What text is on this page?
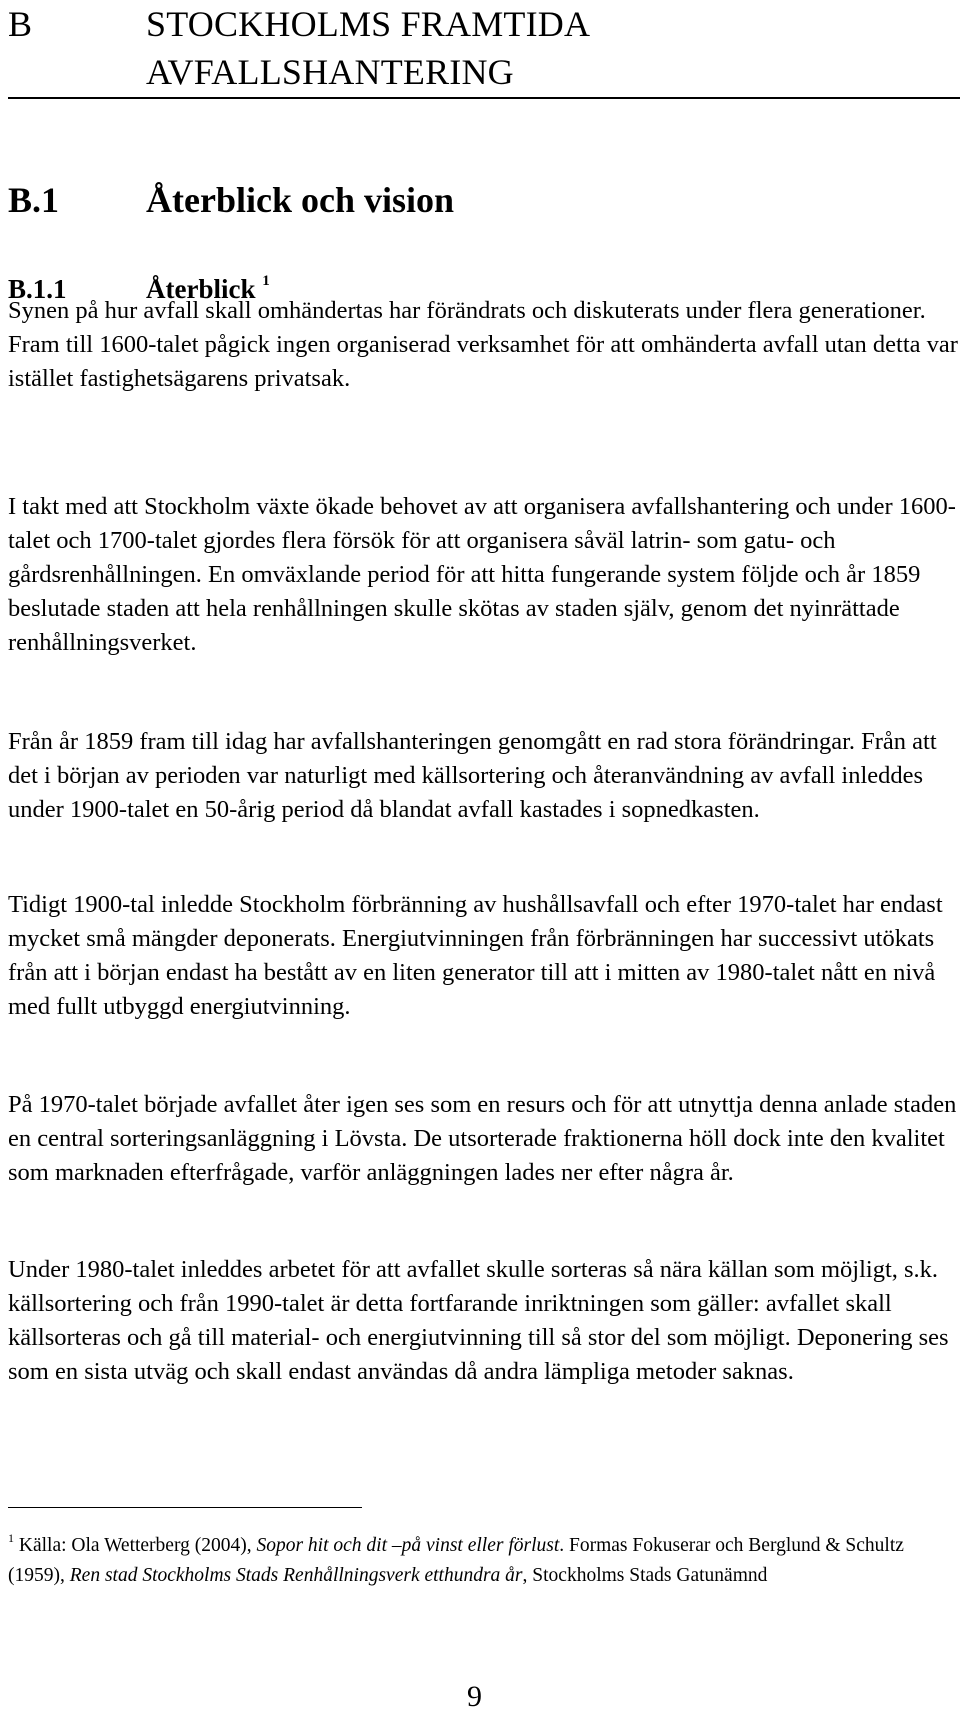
B	STOCKHOLMS FRAMTIDA
AVFALLSHANTERING
B.1 Återblick och vision
B.1.1	Återblick $^1$

Synen på hur avfall skall omhändertas har förändrats och diskuterats under flera generationer. Fram till 1600-talet pågick ingen organiserad verksamhet för att omhänderta avfall utan detta var istället fastighetsägarens privatsak.

I takt med att Stockholm växte ökade behovet av att organisera avfallshantering och under 1600-talet och 1700-talet gjordes flera försök för att organisera såväl latrin- som gatu- och gårdsrenhållningen. En omväxlande period för att hitta fungerande system följde och år 1859 beslutade staden att hela renhållningen skulle skötas av staden själv, genom det nyinrättade renhållningsverket.

Från år 1859 fram till idag har avfallshanteringen genomgått en rad stora förändringar. Från att det i början av perioden var naturligt med källsortering och återanvändning av avfall inleddes under 1900-talet en 50-årig period då blandat avfall kastades i sopnedkasten.

Tidigt 1900-tal inledde Stockholm förbränning av hushållsavfall och efter 1970-talet har endast mycket små mängder deponerats. Energiutvinningen från förbränningen har successivt utökats från att i början endast ha bestått av en liten generator till att i mitten av 1980-talet nått en nivå med fullt utbyggd energiutvinning.

På 1970-talet började avfallet åter igen ses som en resurs och för att utnyttja denna anlade staden en central sorteringsanläggning i Lövsta. De utsorterade fraktionerna höll dock inte den kvalitet som marknaden efterfrågade, varför anläggningen lades ner efter några år.

Under 1980-talet inleddes arbetet för att avfallet skulle sorteras så nära källan som möjligt, s.k. källsortering och från 1990-talet är detta fortfarande inriktningen som gäller: avfallet skall källsorteras och gå till material- och energiutvinning till så stor del som möjligt. Deponering ses som en sista utväg och skall endast användas då andra lämpliga metoder saknas.

$^1$ Källa: Ola Wetterberg (2004), Sopor hit och dit –på vinst eller förlust. Formas Fokuserar och Berglund & Schultz (1959), Ren stad Stockholms Stads Renhållningsverk etthundra år, Stockholms Stads Gatunämnd
9
